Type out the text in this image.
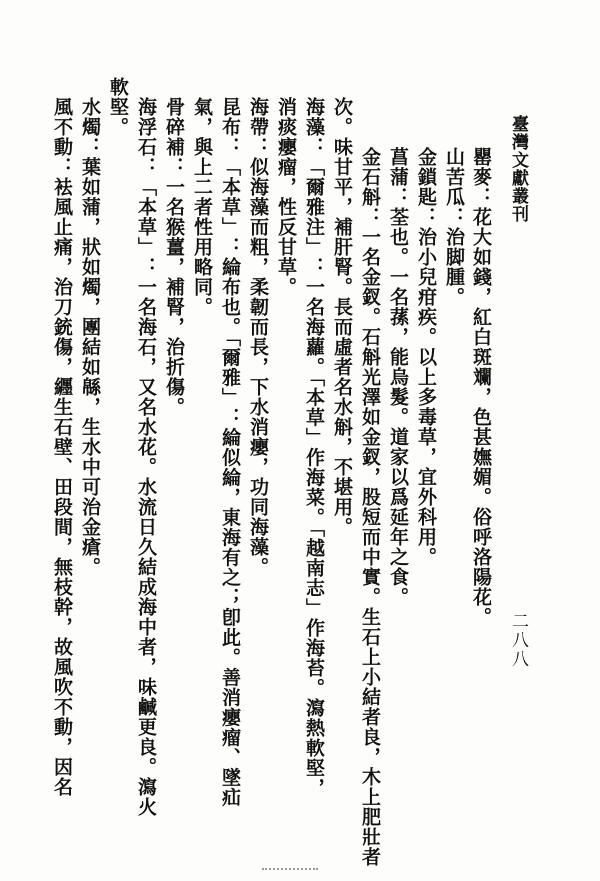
臺灣文獻叢刊
二八八
罌麥：花大如錢，紅白斑斕，色甚嫵媚。俗呼洛陽花。
山苦瓜：治脚腫。
金鎖匙：治小兒疳疾。以上多毒草，宜外科用。
菖蒲：荃也。一名蓀，能烏髮。道家以爲延年之食。
金石斛：一名金釵。石斛光澤如金釵，股短而中實。生石上小結者良，木上肥壯者
次。味甘平，補肝腎。長而虛者名水斛，不堪用。
海藻：「爾雅注」：一名海蘿。「本草」作海菜。「越南志」作海苔。瀉熱軟堅，
消痰癭瘤，性反甘草。
海帶：似海藻而粗，柔韌而長，下水消癭，功同海藻。
昆布：「本草」：綸布也。「爾雅」：綸似綸，東海有之；卽此。善消癭瘤、墜疝
氣，與上二者性用略同。
骨碎補：一名猴薑，補腎，治折傷。
海浮石：「本草」：一名海石，又名水花。水流日久結成海中者，味鹹更良。瀉火
軟堅。
水燭：葉如蒲，狀如燭，團結如緜，生水中可治金瘡。
風不動：袪風止痛，治刀銃傷，纒生石壁、田段間，無枝幹，故風吹不動，因名
